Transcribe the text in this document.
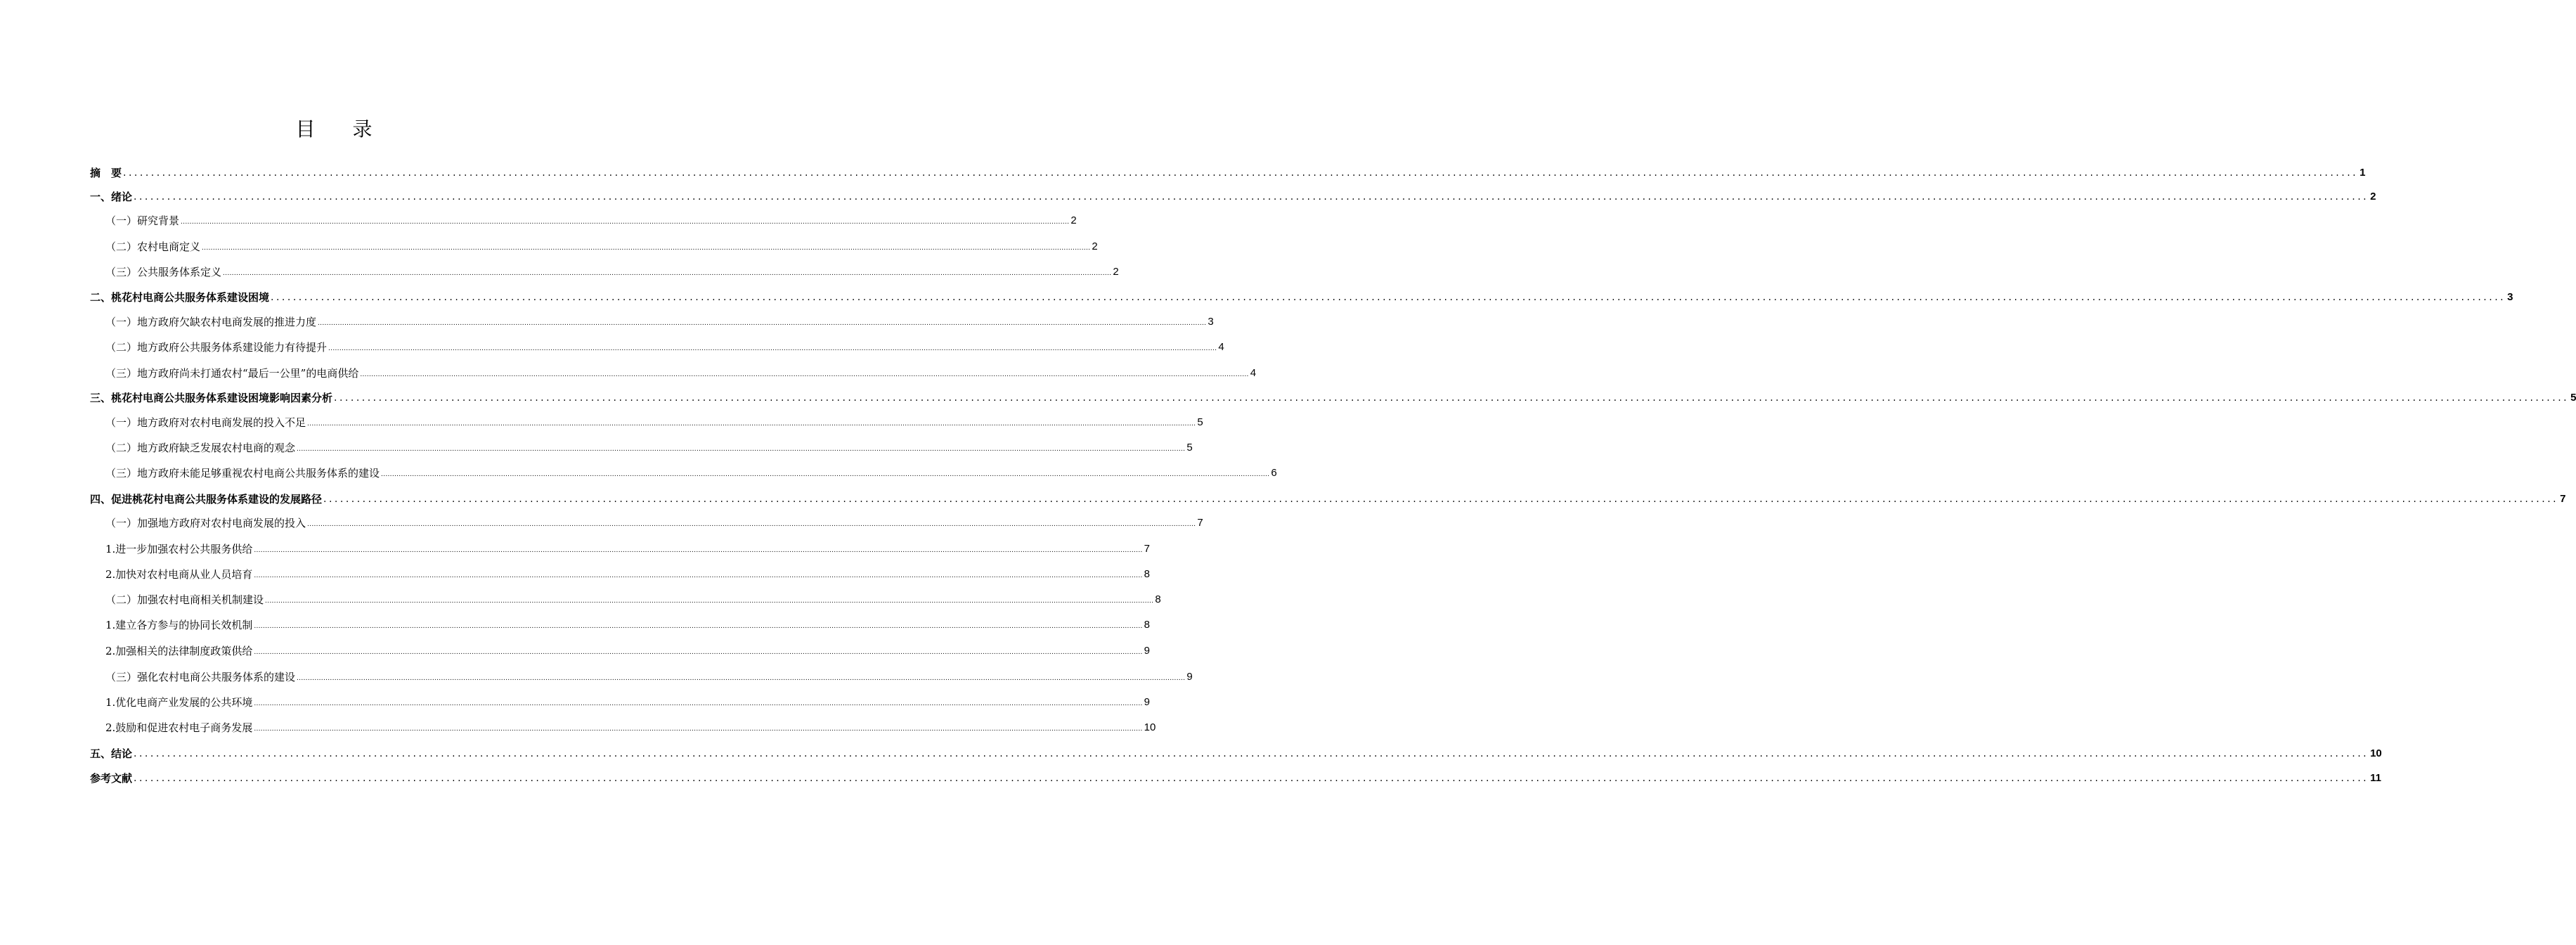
目 录
摘　要 ................................................................................................................................................................................................................................................................................................................................................................................................................ 1
一、绪论 ................................................................................................................................................................................................................................................................................................................................................................................................................ 2
（一）研究背景 ................................................................................................................................................................................................................................................................................................................................................................................................................ 2
（二）农村电商定义 ................................................................................................................................................................................................................................................................................................................................................................................................................ 2
（三）公共服务体系定义 ................................................................................................................................................................................................................................................................................................................................................................................................................ 2
二、桃花村电商公共服务体系建设困境 ................................................................................................................................................................................................................................................................................................................................................................................................................ 3
（一）地方政府欠缺农村电商发展的推进力度 ................................................................................................................................................................................................................................................................................................................................................................................................................ 3
（二）地方政府公共服务体系建设能力有待提升 ................................................................................................................................................................................................................................................................................................................................................................................................................ 4
（三）地方政府尚未打通农村“最后一公里”的电商供给 ................................................................................................................................................................................................................................................................................................................................................................................................................ 4
三、桃花村电商公共服务体系建设困境影响因素分析 ................................................................................................................................................................................................................................................................................................................................................................................................................ 5
（一）地方政府对农村电商发展的投入不足 ................................................................................................................................................................................................................................................................................................................................................................................................................ 5
（二）地方政府缺乏发展农村电商的观念 ................................................................................................................................................................................................................................................................................................................................................................................................................ 5
（三）地方政府未能足够重视农村电商公共服务体系的建设 ................................................................................................................................................................................................................................................................................................................................................................................................................ 6
四、促进桃花村电商公共服务体系建设的发展路径 ................................................................................................................................................................................................................................................................................................................................................................................................................ 7
（一）加强地方政府对农村电商发展的投入 ................................................................................................................................................................................................................................................................................................................................................................................................................ 7
1.进一步加强农村公共服务供给 ................................................................................................................................................................................................................................................................................................................................................................................................................ 7
2.加快对农村电商从业人员培育 ................................................................................................................................................................................................................................................................................................................................................................................................................ 8
（二）加强农村电商相关机制建设 ................................................................................................................................................................................................................................................................................................................................................................................................................ 8
1.建立各方参与的协同长效机制 ................................................................................................................................................................................................................................................................................................................................................................................................................ 8
2.加强相关的法律制度政策供给 ................................................................................................................................................................................................................................................................................................................................................................................................................ 9
（三）强化农村电商公共服务体系的建设 ................................................................................................................................................................................................................................................................................................................................................................................................................ 9
1.优化电商产业发展的公共环境 ................................................................................................................................................................................................................................................................................................................................................................................................................ 9
2.鼓励和促进农村电子商务发展 ................................................................................................................................................................................................................................................................................................................................................................................................................ 10
五、结论 ................................................................................................................................................................................................................................................................................................................................................................................................................ 10
参考文献 ................................................................................................................................................................................................................................................................................................................................................................................................................ 11
